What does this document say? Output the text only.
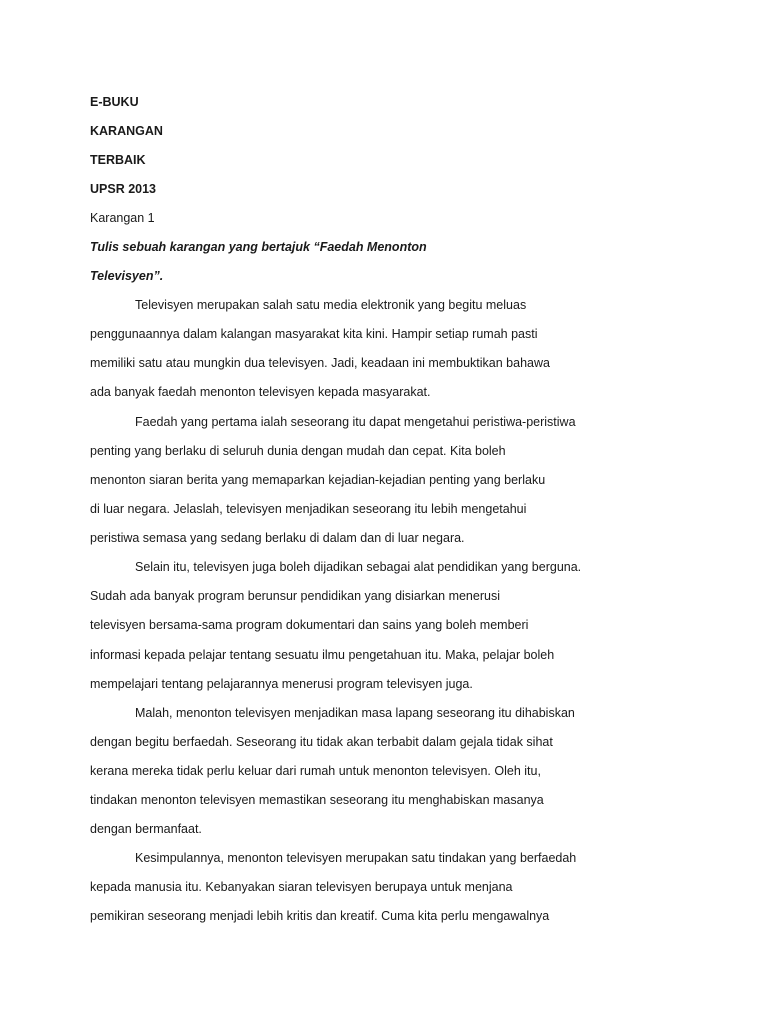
E-BUKU
KARANGAN
TERBAIK
UPSR 2013
Karangan 1
Tulis sebuah karangan yang bertajuk “Faedah Menonton
Televisyen”.
Televisyen merupakan salah satu media elektronik yang begitu meluas
penggunaannya dalam kalangan masyarakat kita kini. Hampir setiap rumah pasti
memiliki satu atau mungkin dua televisyen. Jadi, keadaan ini membuktikan bahawa
ada banyak faedah menonton televisyen kepada masyarakat.
Faedah yang pertama ialah seseorang itu dapat mengetahui peristiwa-peristiwa
penting yang berlaku di seluruh dunia dengan mudah dan cepat. Kita boleh
menonton siaran berita yang memaparkan kejadian-kejadian penting yang berlaku
di luar negara. Jelaslah, televisyen menjadikan seseorang itu lebih mengetahui
peristiwa semasa yang sedang berlaku di dalam dan di luar negara.
Selain itu, televisyen juga boleh dijadikan sebagai alat pendidikan yang berguna.
Sudah ada banyak program berunsur pendidikan yang disiarkan menerusi
televisyen bersama-sama program dokumentari dan sains yang boleh memberi
informasi kepada pelajar tentang sesuatu ilmu pengetahuan itu. Maka, pelajar boleh
mempelajari tentang pelajarannya menerusi program televisyen juga.
Malah, menonton televisyen menjadikan masa lapang seseorang itu dihabiskan
dengan begitu berfaedah. Seseorang itu tidak akan terbabit dalam gejala tidak sihat
kerana mereka tidak perlu keluar dari rumah untuk menonton televisyen. Oleh itu,
tindakan menonton televisyen memastikan seseorang itu menghabiskan masanya
dengan bermanfaat.
Kesimpulannya, menonton televisyen merupakan satu tindakan yang berfaedah
kepada manusia itu. Kebanyakan siaran televisyen berupaya untuk menjana
pemikiran seseorang menjadi lebih kritis dan kreatif. Cuma kita perlu mengawalnya
